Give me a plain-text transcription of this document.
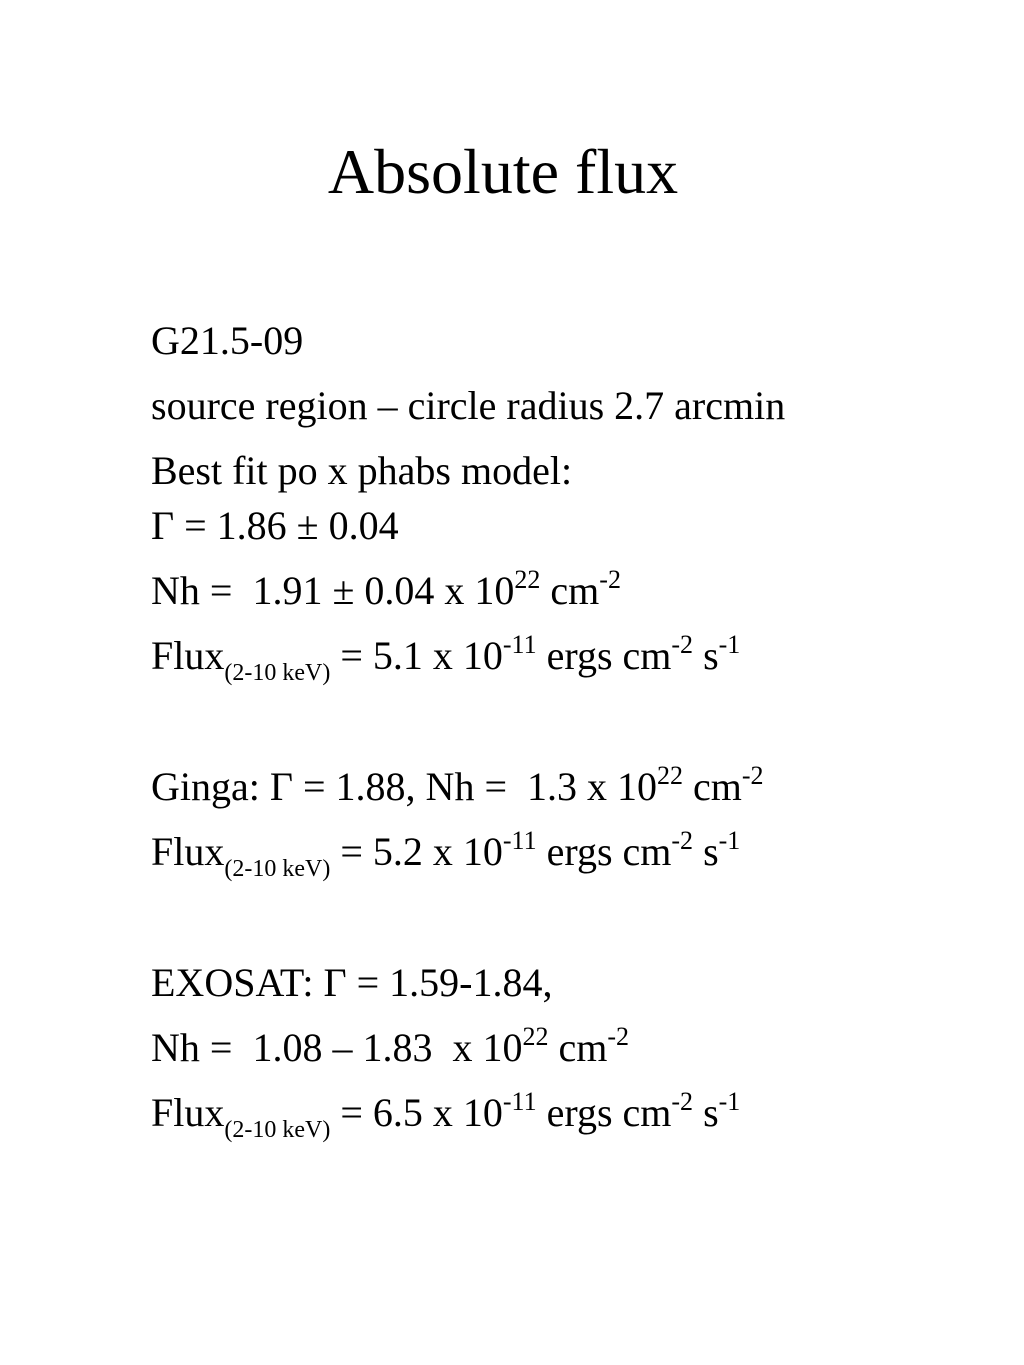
Absolute flux
G21.5-09
source region – circle radius 2.7 arcmin
Best fit po x phabs model:
Γ = 1.86 ± 0.04
Nh =  1.91 ± 0.04 x $10^{22}$ $cm^{-2}$
Flux$_{(2-10 keV)}$ = 5.1 x $10^{-11}$ ergs $cm^{-2}$ $s^{-1}$
Ginga: Γ = 1.88, Nh =  1.3 x $10^{22}$ $cm^{-2}$
Flux$_{(2-10 keV)}$ = 5.2 x $10^{-11}$ ergs $cm^{-2}$ $s^{-1}$
EXOSAT: Γ = 1.59-1.84,
Nh =  1.08 – 1.83  x $10^{22}$ $cm^{-2}$
Flux$_{(2-10 keV)}$ = 6.5 x $10^{-11}$ ergs $cm^{-2}$ $s^{-1}$
